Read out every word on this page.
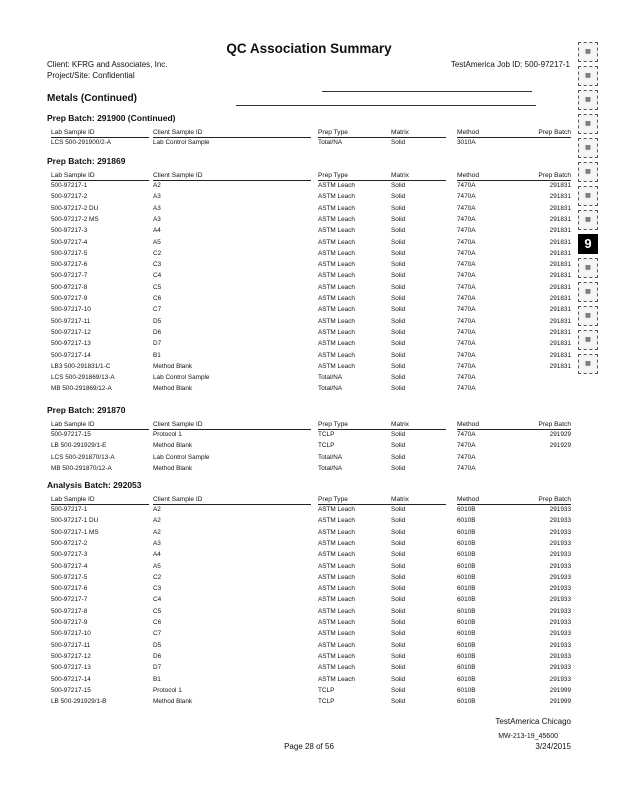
QC Association Summary
Client: KFRG and Associates, Inc.
Project/Site: Confidential
TestAmerica Job ID: 500-97217-1
Metals (Continued)
Prep Batch: 291900 (Continued)
Lab Sample ID	Client Sample ID	Prep Type	Matrix	Method	Prep Batch
LCS 500-291900/2-A	Lab Control Sample	Total/NA	Solid	3010A
Prep Batch: 291869
Lab Sample ID	Client Sample ID	Prep Type	Matrix	Method	Prep Batch
500-97217-1	A2	ASTM Leach	Solid	7470A	291831
500-97217-2	A3	ASTM Leach	Solid	7470A	291831
500-97217-2 DU	A3	ASTM Leach	Solid	7470A	291831
500-97217-2 MS	A3	ASTM Leach	Solid	7470A	291831
500-97217-3	A4	ASTM Leach	Solid	7470A	291831
500-97217-4	A5	ASTM Leach	Solid	7470A	291831
500-97217-5	C2	ASTM Leach	Solid	7470A	291831
500-97217-6	C3	ASTM Leach	Solid	7470A	291831
500-97217-7	C4	ASTM Leach	Solid	7470A	291831
500-97217-8	C5	ASTM Leach	Solid	7470A	291831
500-97217-9	C6	ASTM Leach	Solid	7470A	291831
500-97217-10	C7	ASTM Leach	Solid	7470A	291831
500-97217-11	D5	ASTM Leach	Solid	7470A	291831
500-97217-12	D6	ASTM Leach	Solid	7470A	291831
500-97217-13	D7	ASTM Leach	Solid	7470A	291831
500-97217-14	B1	ASTM Leach	Solid	7470A	291831
LB3 500-291831/1-C	Method Blank	ASTM Leach	Solid	7470A	291831
LCS 500-291869/13-A	Lab Control Sample	Total/NA	Solid	7470A
MB 500-291869/12-A	Method Blank	Total/NA	Solid	7470A
Prep Batch: 291870
Lab Sample ID	Client Sample ID	Prep Type	Matrix	Method	Prep Batch
500-97217-15	Protocol 1	TCLP	Solid	7470A	291929
LB 500-291929/1-E	Method Blank	TCLP	Solid	7470A	291929
LCS 500-291870/13-A	Lab Control Sample	Total/NA	Solid	7470A
MB 500-291870/12-A	Method Blank	Total/NA	Solid	7470A
Analysis Batch: 292053
Lab Sample ID	Client Sample ID	Prep Type	Matrix	Method	Prep Batch
500-97217-1	A2	ASTM Leach	Solid	6010B	291933
500-97217-1 DU	A2	ASTM Leach	Solid	6010B	291933
500-97217-1 MS	A2	ASTM Leach	Solid	6010B	291933
500-97217-2	A3	ASTM Leach	Solid	6010B	291933
500-97217-3	A4	ASTM Leach	Solid	6010B	291933
500-97217-4	A5	ASTM Leach	Solid	6010B	291933
500-97217-5	C2	ASTM Leach	Solid	6010B	291933
500-97217-6	C3	ASTM Leach	Solid	6010B	291933
500-97217-7	C4	ASTM Leach	Solid	6010B	291933
500-97217-8	C5	ASTM Leach	Solid	6010B	291933
500-97217-9	C6	ASTM Leach	Solid	6010B	291933
500-97217-10	C7	ASTM Leach	Solid	6010B	291933
500-97217-11	D5	ASTM Leach	Solid	6010B	291933
500-97217-12	D6	ASTM Leach	Solid	6010B	291933
500-97217-13	D7	ASTM Leach	Solid	6010B	291933
500-97217-14	B1	ASTM Leach	Solid	6010B	291933
500-97217-15	Protocol 1	TCLP	Solid	6010B	291999
LB 500-291929/1-B	Method Blank	TCLP	Solid	6010B	291999
▦
▦
▦
▦
▦
▦
▦
▦
9
▦
▦
▦
▦
▦
TestAmerica Chicago
Page 28 of 56
MW-213-19_45600
3/24/2015
